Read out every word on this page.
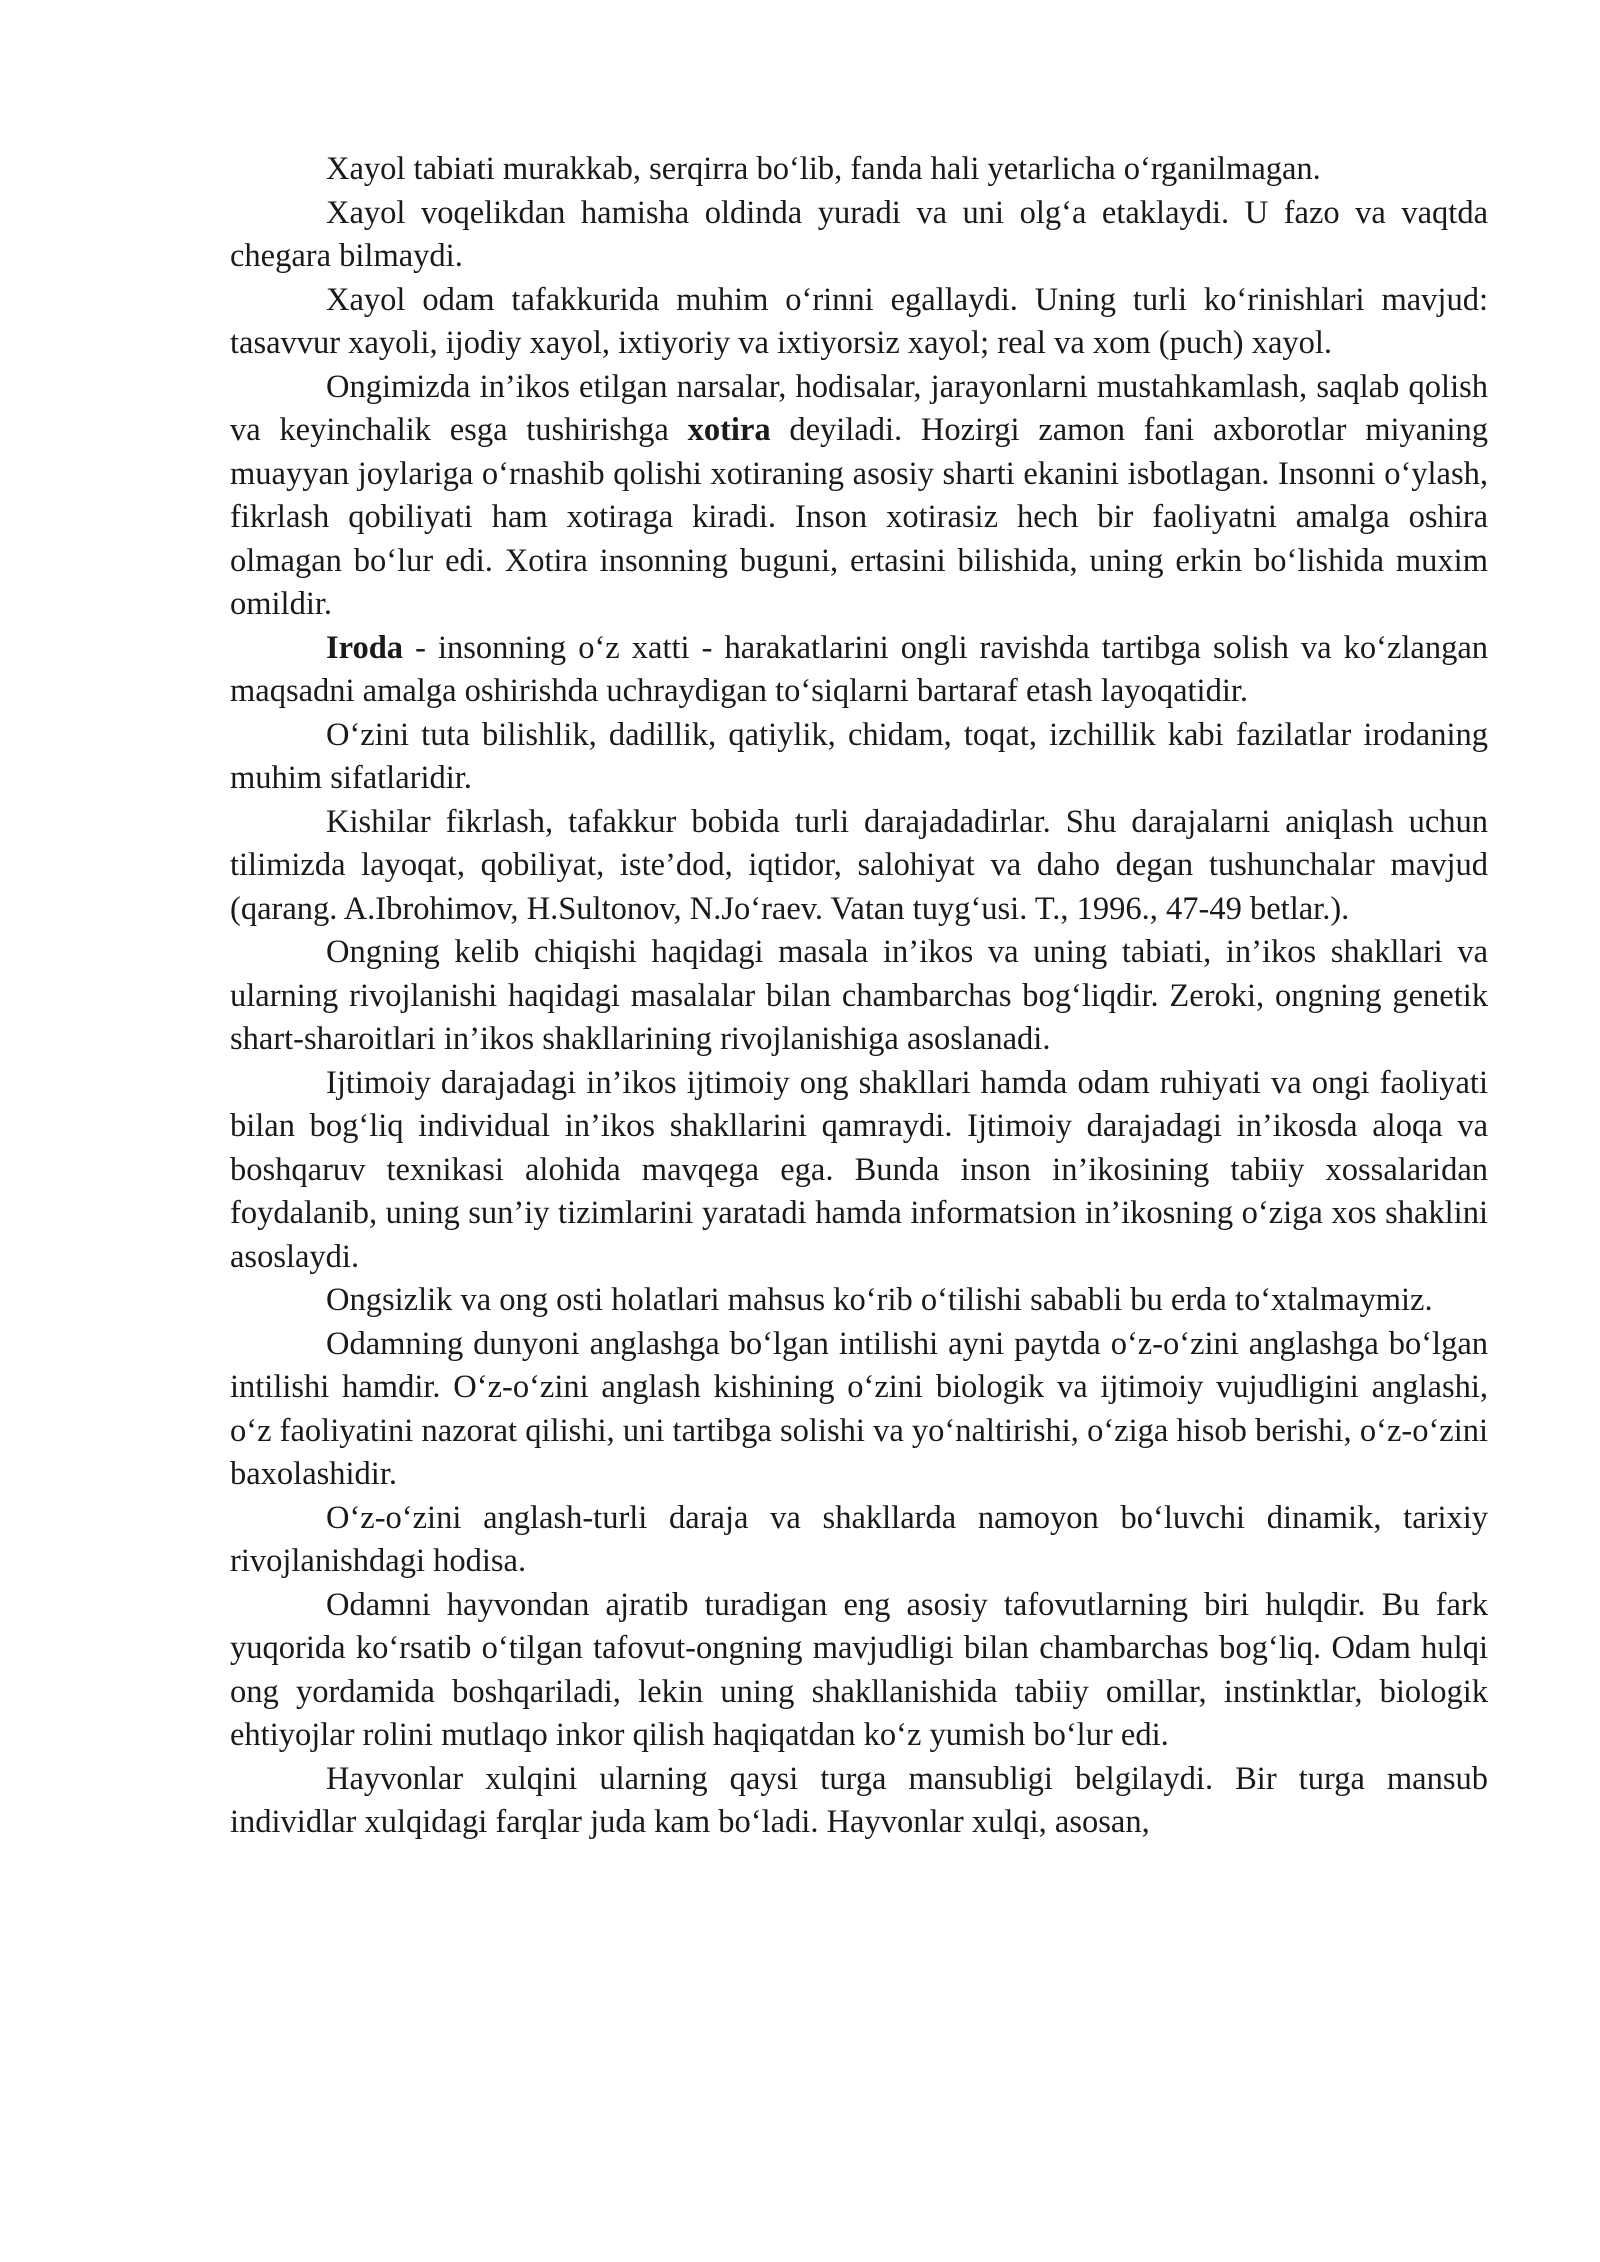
Xayol tabiati murakkab, serqirra bo‘lib, fanda hali yetarlicha o‘rganilmagan.

Xayol voqelikdan hamisha oldinda yuradi va uni olg‘a etaklaydi. U fazo va vaqtda chegara bilmaydi.

Xayol odam tafakkurida muhim o‘rinni egallaydi. Uning turli ko‘rinishlari mavjud: tasavvur xayoli, ijodiy xayol, ixtiyoriy va ixtiyorsiz xayol; real va xom (puch) xayol.

Ongimizda in’ikos etilgan narsalar, hodisalar, jarayonlarni mustahkamlash, saqlab qolish va keyinchalik esga tushirishga xotira deyiladi. Hozirgi zamon fani axborotlar miyaning muayyan joylariga o‘rnashib qolishi xotiraning asosiy sharti ekanini isbotlagan. Insonni o‘ylash, fikrlash qobiliyati ham xotiraga kiradi. Inson xotirasiz hech bir faoliyatni amalga oshira olmagan bo‘lur edi. Xotira insonning buguni, ertasini bilishida, uning erkin bo‘lishida muxim omildir.

Iroda - insonning o‘z xatti - harakatlarini ongli ravishda tartibga solish va ko‘zlangan maqsadni amalga oshirishda uchraydigan to‘siqlarni bartaraf etash layoqatidir.

O‘zini tuta bilishlik, dadillik, qatiylik, chidam, toqat, izchillik kabi fazilatlar irodaning muhim sifatlaridir.

Kishilar fikrlash, tafakkur bobida turli darajadadirlar. Shu darajalarni aniqlash uchun tilimizda layoqat, qobiliyat, iste’dod, iqtidor, salohiyat va daho degan tushunchalar mavjud (qarang. A.Ibrohimov, H.Sultonov, N.Jo‘raev. Vatan tuyg‘usi. T., 1996., 47-49 betlar.).

Ongning kelib chiqishi haqidagi masala in’ikos va uning tabiati, in’ikos shakllari va ularning rivojlanishi haqidagi masalalar bilan chambarchas bog‘liqdir. Zeroki, ongning genetik shart-sharoitlari in’ikos shakllarining rivojlanishiga asoslanadi.

Ijtimoiy darajadagi in’ikos ijtimoiy ong shakllari hamda odam ruhiyati va ongi faoliyati bilan bog‘liq individual in’ikos shakllarini qamraydi. Ijtimoiy darajadagi in’ikosda aloqa va boshqaruv texnikasi alohida mavqega ega. Bunda inson in’ikosining tabiiy xossalaridan foydalanib, uning sun’iy tizimlarini yaratadi hamda informatsion in’ikosning o‘ziga xos shaklini asoslaydi.

Ongsizlik va ong osti holatlari mahsus ko‘rib o‘tilishi sababli bu erda to‘xtalmaymiz.

Odamning dunyoni anglashga bo‘lgan intilishi ayni paytda o‘z-o‘zini anglashga bo‘lgan intilishi hamdir. O‘z-o‘zini anglash kishining o‘zini biologik va ijtimoiy vujudligini anglashi, o‘z faoliyatini nazorat qilishi, uni tartibga solishi va yo‘naltirishi, o‘ziga hisob berishi, o‘z-o‘zini baxolashidir.

O‘z-o‘zini anglash-turli daraja va shakllarda namoyon bo‘luvchi dinamik, tarixiy rivojlanishdagi hodisa.

Odamni hayvondan ajratib turadigan eng asosiy tafovutlarning biri hulqdir. Bu fark yuqorida ko‘rsatib o‘tilgan tafovut-ongning mavjudligi bilan chambarchas bog‘liq. Odam hulqi ong yordamida boshqariladi, lekin uning shakllanishida tabiiy omillar, instinktlar, biologik ehtiyojlar rolini mutlaqo inkor qilish haqiqatdan ko‘z yumish bo‘lur edi.

Hayvonlar xulqini ularning qaysi turga mansubligi belgilaydi. Bir turga mansub individlar xulqidagi farqlar juda kam bo‘ladi. Hayvonlar xulqi, asosan,
